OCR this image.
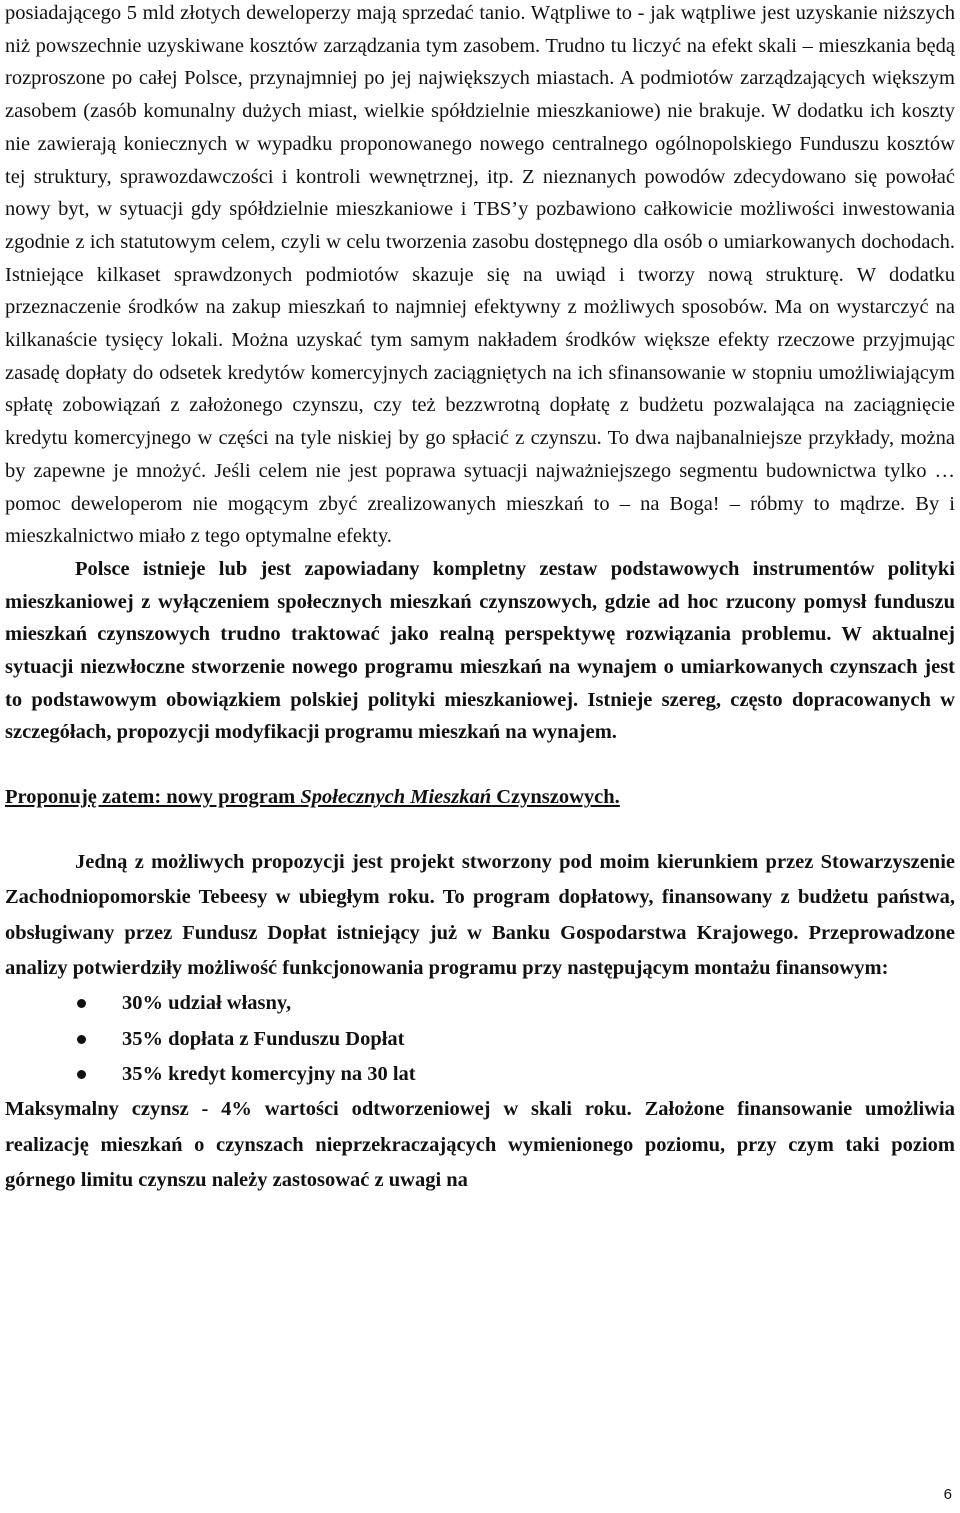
posiadającego 5 mld złotych deweloperzy mają sprzedać tanio. Wątpliwe to - jak wątpliwe jest uzyskanie niższych niż powszechnie uzyskiwane kosztów zarządzania tym zasobem. Trudno tu liczyć na efekt skali – mieszkania będą rozproszone po całej Polsce, przynajmniej po jej największych miastach. A podmiotów zarządzających większym zasobem (zasób komunalny dużych miast, wielkie spółdzielnie mieszkaniowe) nie brakuje. W dodatku ich koszty nie zawierają koniecznych w wypadku proponowanego nowego centralnego ogólnopolskiego Funduszu kosztów tej struktury, sprawozdawczości i kontroli wewnętrznej, itp. Z nieznanych powodów zdecydowano się powołać nowy byt, w sytuacji gdy spółdzielnie mieszkaniowe i TBS’y pozbawiono całkowicie możliwości inwestowania zgodnie z ich statutowym celem, czyli w celu tworzenia zasobu dostępnego dla osób o umiarkowanych dochodach. Istniejące kilkaset sprawdzonych podmiotów skazuje się na uwiąd i tworzy nową strukturę. W dodatku przeznaczenie środków na zakup mieszkań to najmniej efektywny z możliwych sposobów. Ma on wystarczyć na kilkanaście tysięcy lokali. Można uzyskać tym samym nakładem środków większe efekty rzeczowe przyjmując zasadę dopłaty do odsetek kredytów komercyjnych zaciągniętych na ich sfinansowanie w stopniu umożliwiającym spłatę zobowiązań z założonego czynszu, czy też bezzwrotną dopłatę z budżetu pozwalająca na zaciągnięcie kredytu komercyjnego w części na tyle niskiej by go spłacić z czynszu. To dwa najbanalniejsze przykłady, można by zapewne je mnożyć. Jeśli celem nie jest poprawa sytuacji najważniejszego segmentu budownictwa tylko … pomoc deweloperom nie mogącym zbyć zrealizowanych mieszkań to – na Boga! – róbmy to mądrze. By i mieszkalnictwo miało z tego optymalne efekty.

Polsce istnieje lub jest zapowiadany kompletny zestaw podstawowych instrumentów polityki mieszkaniowej z wyłączeniem społecznych mieszkań czynszowych, gdzie ad hoc rzucony pomysł funduszu mieszkań czynszowych trudno traktować jako realną perspektywę rozwiązania problemu. W aktualnej sytuacji niezwłoczne stworzenie nowego programu mieszkań na wynajem o umiarkowanych czynszach jest to podstawowym obowiązkiem polskiej polityki mieszkaniowej. Istnieje szereg, często dopracowanych w szczegółach, propozycji modyfikacji programu mieszkań na wynajem.

Proponuję zatem: nowy program Społecznych Mieszkań Czynszowych.

Jedną z możliwych propozycji jest projekt stworzony pod moim kierunkiem przez Stowarzyszenie Zachodniopomorskie Tebeesy w ubiegłym roku. To program dopłatowy, finansowany z budżetu państwa, obsługiwany przez Fundusz Dopłat istniejący już w Banku Gospodarstwa Krajowego. Przeprowadzone analizy potwierdziły możliwość funkcjonowania programu przy następującym montażu finansowym:

30% udział własny,
35% dopłata z Funduszu Dopłat
35% kredyt komercyjny na 30 lat

Maksymalny czynsz - 4% wartości odtworzeniowej w skali roku. Założone finansowanie umożliwia realizację mieszkań o czynszach nieprzekraczających wymienionego poziomu, przy czym taki poziom górnego limitu czynszu należy zastosować z uwagi na

6
